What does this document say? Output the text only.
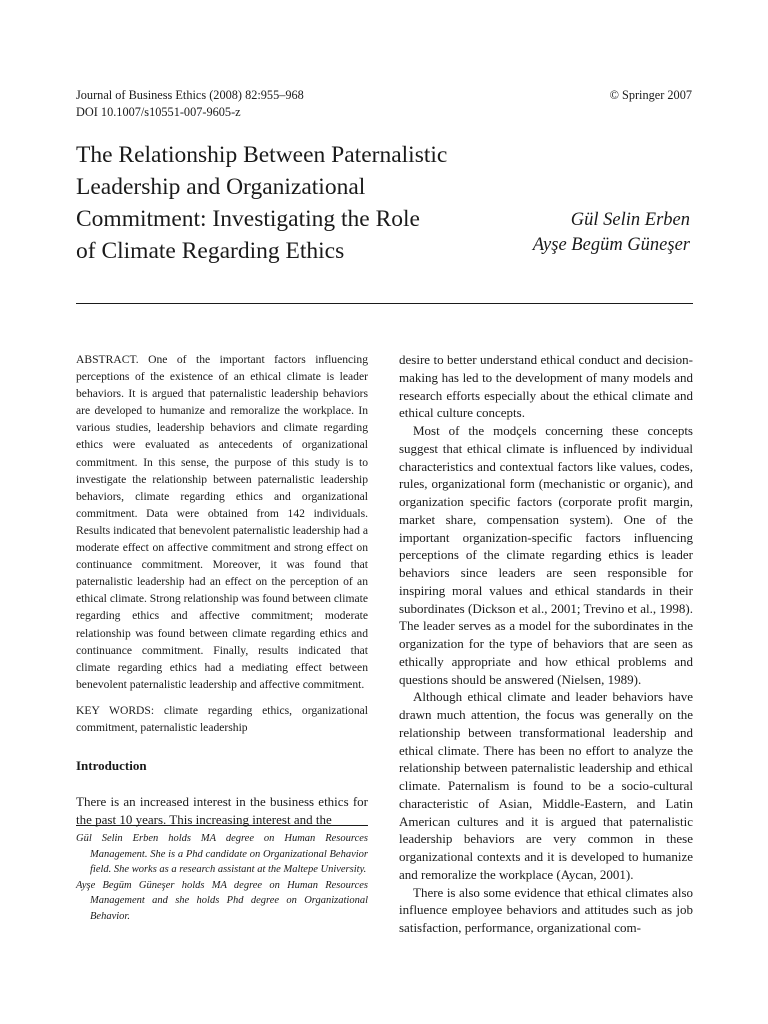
Journal of Business Ethics (2008) 82:955–968
DOI 10.1007/s10551-007-9605-z
© Springer 2007
The Relationship Between Paternalistic
Leadership and Organizational
Commitment: Investigating the Role
of Climate Regarding Ethics
Gül Selin Erben
Ayşe Begüm Güneşer

ABSTRACT. One of the important factors influencing perceptions of the existence of an ethical climate is leader behaviors. It is argued that paternalistic leadership behaviors are developed to humanize and remoralize the workplace. In various studies, leadership behaviors and climate regarding ethics were evaluated as antecedents of organizational commitment. In this sense, the purpose of this study is to investigate the relationship between paternalistic leadership behaviors, climate regarding ethics and organizational commitment. Data were obtained from 142 individuals. Results indicated that benevolent paternalistic leadership had a moderate effect on affective commitment and strong effect on continuance commitment. Moreover, it was found that paternalistic leadership had an effect on the perception of an ethical climate. Strong relationship was found between climate regarding ethics and affective commitment; moderate relationship was found between climate regarding ethics and continuance commitment. Finally, results indicated that climate regarding ethics had a mediating effect between benevolent paternalistic leadership and affective commitment.

KEY WORDS: climate regarding ethics, organizational commitment, paternalistic leadership

Introduction

There is an increased interest in the business ethics for the past 10 years. This increasing interest and the

Gül Selin Erben holds MA degree on Human Resources Management. She is a Phd candidate on Organizational Behavior field. She works as a research assistant at the Maltepe University.

Ayşe Begüm Güneşer holds MA degree on Human Resources Management and she holds Phd degree on Organizational Behavior.

desire to better understand ethical conduct and decision-making has led to the development of many models and research efforts especially about the ethical climate and ethical culture concepts.

Most of the modçels concerning these concepts suggest that ethical climate is influenced by individual characteristics and contextual factors like values, codes, rules, organizational form (mechanistic or organic), and organization specific factors (corporate profit margin, market share, compensation system). One of the important organization-specific factors influencing perceptions of the climate regarding ethics is leader behaviors since leaders are seen responsible for inspiring moral values and ethical standards in their subordinates (Dickson et al., 2001; Trevino et al., 1998). The leader serves as a model for the subordinates in the organization for the type of behaviors that are seen as ethically appropriate and how ethical problems and questions should be answered (Nielsen, 1989).

Although ethical climate and leader behaviors have drawn much attention, the focus was generally on the relationship between transformational leadership and ethical climate. There has been no effort to analyze the relationship between paternalistic leadership and ethical climate. Paternalism is found to be a socio-cultural characteristic of Asian, Middle-Eastern, and Latin American cultures and it is argued that paternalistic leadership behaviors are very common in these organizational contexts and it is developed to humanize and remoralize the workplace (Aycan, 2001).

There is also some evidence that ethical climates also influence employee behaviors and attitudes such as job satisfaction, performance, organizational com-
